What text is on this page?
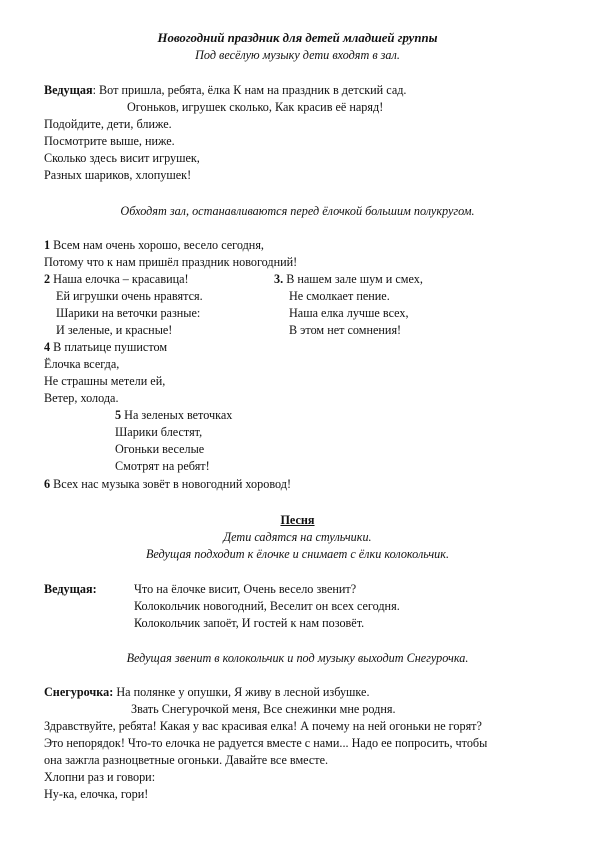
Новогодний праздник для детей младшей группы
Под весёлую музыку дети входят в зал.
Ведущая: Вот пришла, ребята, ёлка К нам на праздник в детский сад.
Огоньков, игрушек сколько, Как красив её наряд!
Подойдите, дети, ближе.
Посмотрите выше, ниже.
Сколько здесь висит игрушек,
Разных шариков, хлопушек!
Обходят зал, останавливаются перед ёлочкой большим полукругом.
1 Всем нам очень хорошо, весело сегодня,
Потому что к нам пришёл праздник новогодний!
2 Наша елочка – красавица!
Ей игрушки очень нравятся.
Шарики на веточки разные:
И зеленые, и красные!
3. В нашем зале шум и смех,
Не смолкает пение.
Наша елка лучше всех,
В этом нет сомнения!
4 В платьице пушистом
Ёлочка всегда,
Не страшны метели ей,
Ветер, холода.
5 На зеленых веточках
Шарики блестят,
Огоньки веселые
Смотрят на ребят!
6 Всех нас музыка зовёт в новогодний хоровод!
Песня
Дети садятся на стульчики.
Ведущая подходит к ёлочке и снимает с ёлки колокольчик.
Ведущая:	Что на ёлочке висит, Очень весело звенит?
Колокольчик новогодний, Веселит он всех сегодня.
Колокольчик запоёт, И гостей к нам позовёт.
Ведущая звенит в колокольчик и под музыку выходит Снегурочка.
Снегурочка: На полянке у опушки, Я живу в лесной избушке.
Звать Снегурочкой меня, Все снежинки мне родня.
Здравствуйте, ребята! Какая у вас красивая елка! А почему на ней огоньки не горят?
Это непорядок! Что-то елочка не радуется вместе с нами... Надо ее попросить, чтобы
она зажгла разноцветные огоньки. Давайте все вместе.
Хлопни раз и говори:
Ну-ка, елочка, гори!
